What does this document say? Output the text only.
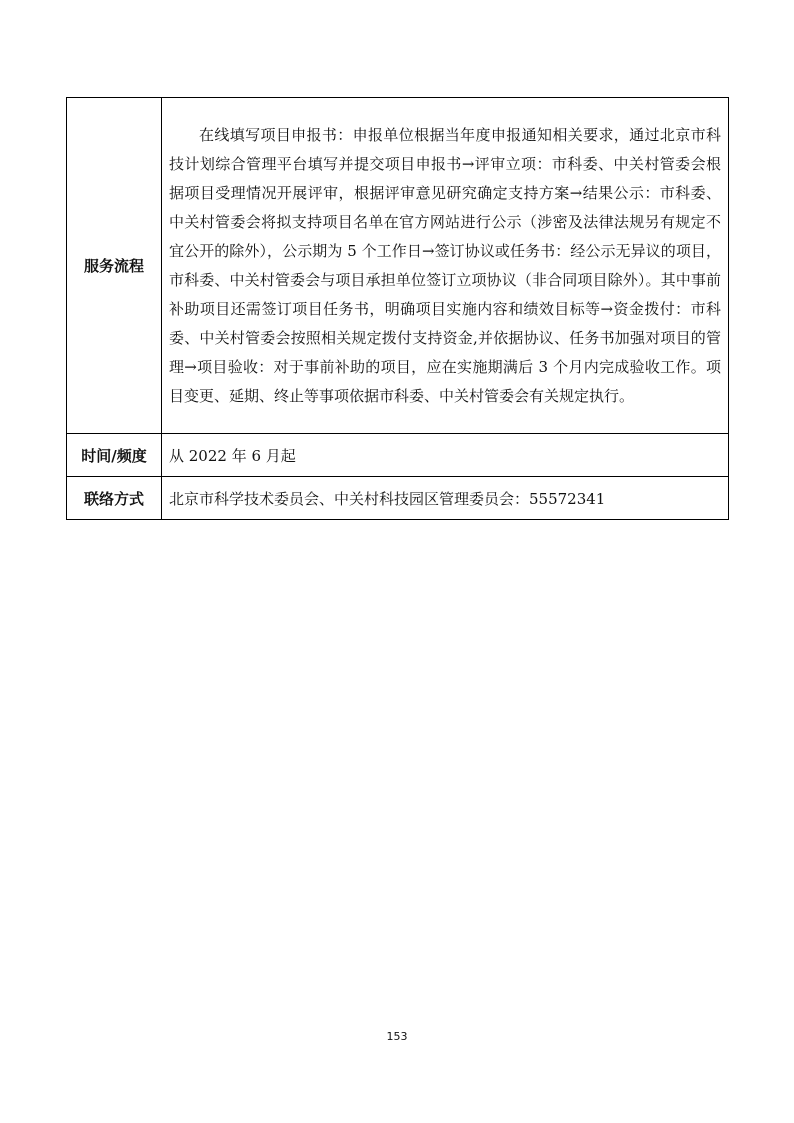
服务流程	在线填写项目申报书：申报单位根据当年度申报通知相关要求，通过北京市科技计划综合管理平台填写并提交项目申报书→评审立项：市科委、中关村管委会根据项目受理情况开展评审，根据评审意见研究确定支持方案→结果公示：市科委、中关村管委会将拟支持项目名单在官方网站进行公示（涉密及法律法规另有规定不宜公开的除外），公示期为 5 个工作日→签订协议或任务书：经公示无异议的项目，市科委、中关村管委会与项目承担单位签订立项协议（非合同项目除外）。其中事前补助项目还需签订项目任务书，明确项目实施内容和绩效目标等→资金拨付：市科委、中关村管委会按照相关规定拨付支持资金,并依据协议、任务书加强对项目的管理→项目验收：对于事前补助的项目，应在实施期满后 3 个月内完成验收工作。项目变更、延期、终止等事项依据市科委、中关村管委会有关规定执行。

时间/频度	从 2022 年 6 月起
联络方式	北京市科学技术委员会、中关村科技园区管理委员会：55572341
153
